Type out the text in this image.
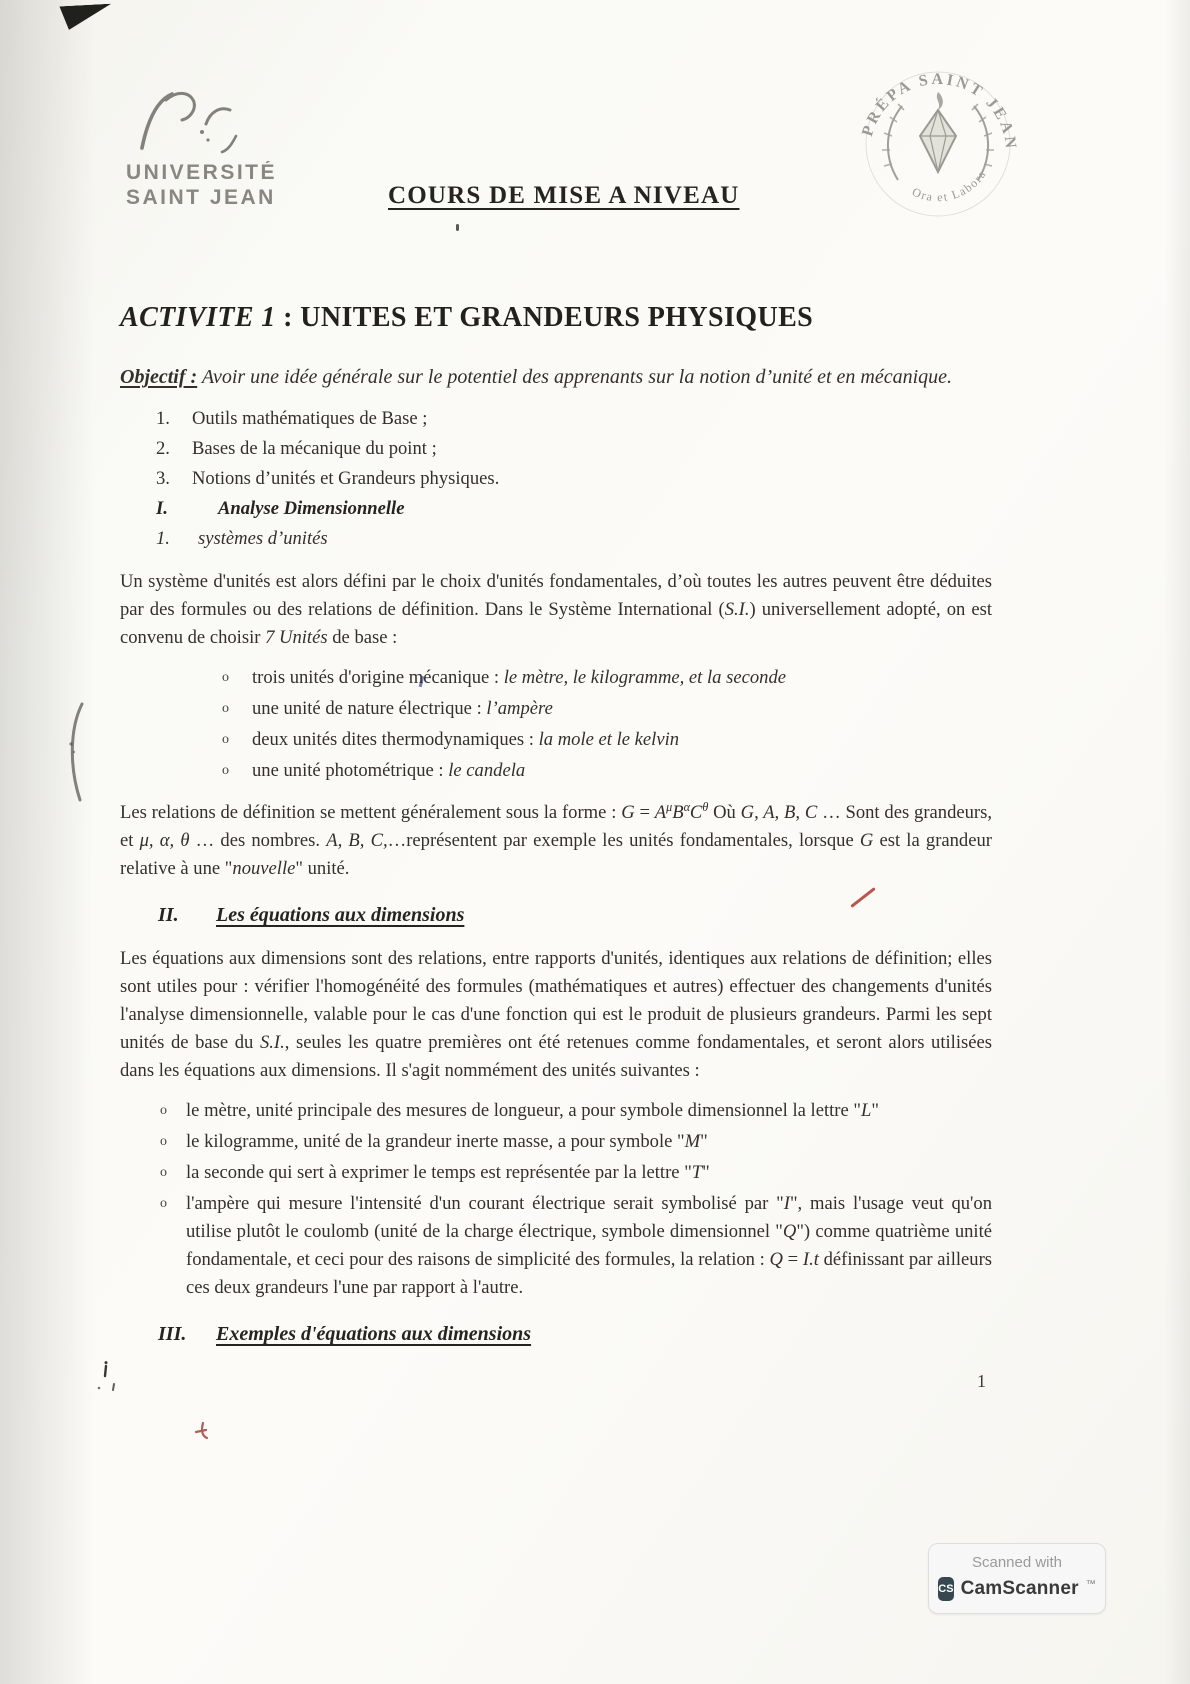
UNIVERSITÉ
SAINT JEAN	COURS DE MISE A NIVEAU
PRÉPA SAINT JEAN
Ora et Labora
ACTIVITE 1 : UNITES ET GRANDEURS PHYSIQUES

Objectif : Avoir une idée générale sur le potentiel des apprenants sur la notion d’unité et en mécanique.

1.	Outils mathématiques de Base ;
2.	Bases de la mécanique du point ;
3.	Notions d’unités et Grandeurs physiques.
I.	Analyse Dimensionnelle
1.	systèmes d’unités

Un système d'unités est alors défini par le choix d'unités fondamentales, d’où toutes les autres peuvent être déduites par des formules ou des relations de définition. Dans le Système International (S.I.) universellement adopté, on est convenu de choisir 7 Unités de base :

o	trois unités d'origine mécanique : le mètre, le kilogramme, et la seconde
o	une unité de nature électrique : l’ampère
o	deux unités dites thermodynamiques : la mole et le kelvin
o	une unité photométrique : le candela

Les relations de définition se mettent généralement sous la forme : $G = A^\mu B^\alpha C^\theta$ Où G, A, B, C … Sont des grandeurs, et μ, α, θ … des nombres. A, B, C,…représentent par exemple les unités fondamentales, lorsque G est la grandeur relative à une "nouvelle" unité.

II.	Les équations aux dimensions

Les équations aux dimensions sont des relations, entre rapports d'unités, identiques aux relations de définition; elles sont utiles pour : vérifier l'homogénéité des formules (mathématiques et autres) effectuer des changements d'unités l'analyse dimensionnelle, valable pour le cas d'une fonction qui est le produit de plusieurs grandeurs. Parmi les sept unités de base du S.I., seules les quatre premières ont été retenues comme fondamentales, et seront alors utilisées dans les équations aux dimensions. Il s'agit nommément des unités suivantes :

o	le mètre, unité principale des mesures de longueur, a pour symbole dimensionnel la lettre "L"
o	le kilogramme, unité de la grandeur inerte masse, a pour symbole "M"
o	la seconde qui sert à exprimer le temps est représentée par la lettre "T"
o	l'ampère qui mesure l'intensité d'un courant électrique serait symbolisé par "I", mais l'usage veut qu'on utilise plutôt le coulomb (unité de la charge électrique, symbole dimensionnel "Q") comme quatrième unité fondamentale, et ceci pour des raisons de simplicité des formules, la relation : Q = I.t définissant par ailleurs ces deux grandeurs l'une par rapport à l'autre.
III.	Exemples d'équations aux dimensions
1
Scanned with
CS CamScanner ™
